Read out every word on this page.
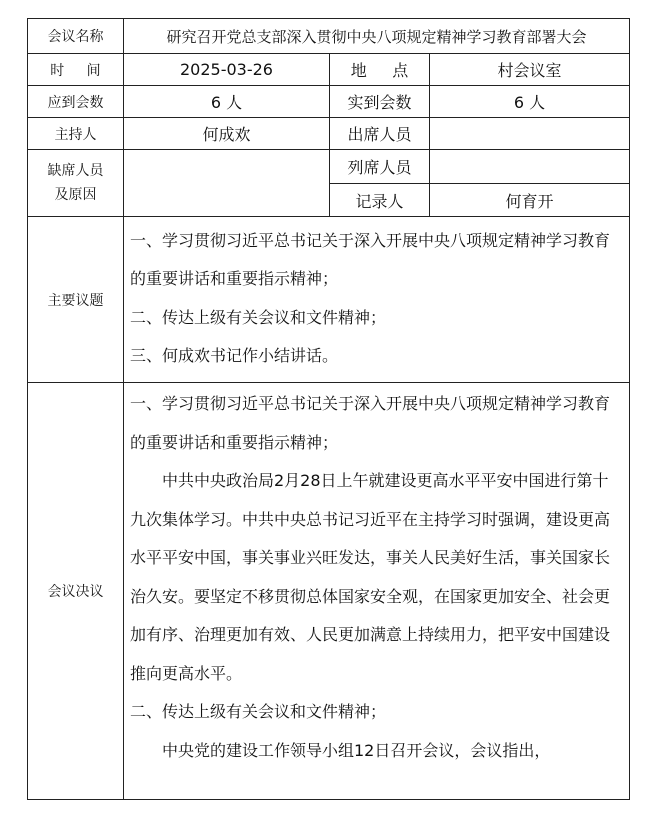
会议名称	研究召开党总支部深入贯彻中央八项规定精神学习教育部署大会		
时间	2025-03-26	地点	村会议室
应到会数	6 人	实到会数	6 人
主持人	何成欢	出席人员	

缺席人员
及原因		列席人员	
		记录人	何育开
主要议题	一、学习贯彻习近平总书记关于深入开展中央八项规定精神学习教育的重要讲话和重要指示精神；

二、传达上级有关会议和文件精神；

三、何成欢书记作小结讲话。		

会议决议	一、学习贯彻习近平总书记关于深入开展中央八项规定精神学习教育的重要讲话和重要指示精神；

中共中央政治局2月28日上午就建设更高水平平安中国进行第十九次集体学习。中共中央总书记习近平在主持学习时强调，建设更高水平平安中国，事关事业兴旺发达，事关人民美好生活，事关国家长治久安。要坚定不移贯彻总体国家安全观，在国家更加安全、社会更加有序、治理更加有效、人民更加满意上持续用力，把平安中国建设推向更高水平。

二、传达上级有关会议和文件精神；

中央党的建设工作领导小组12日召开会议，会议指出，		
